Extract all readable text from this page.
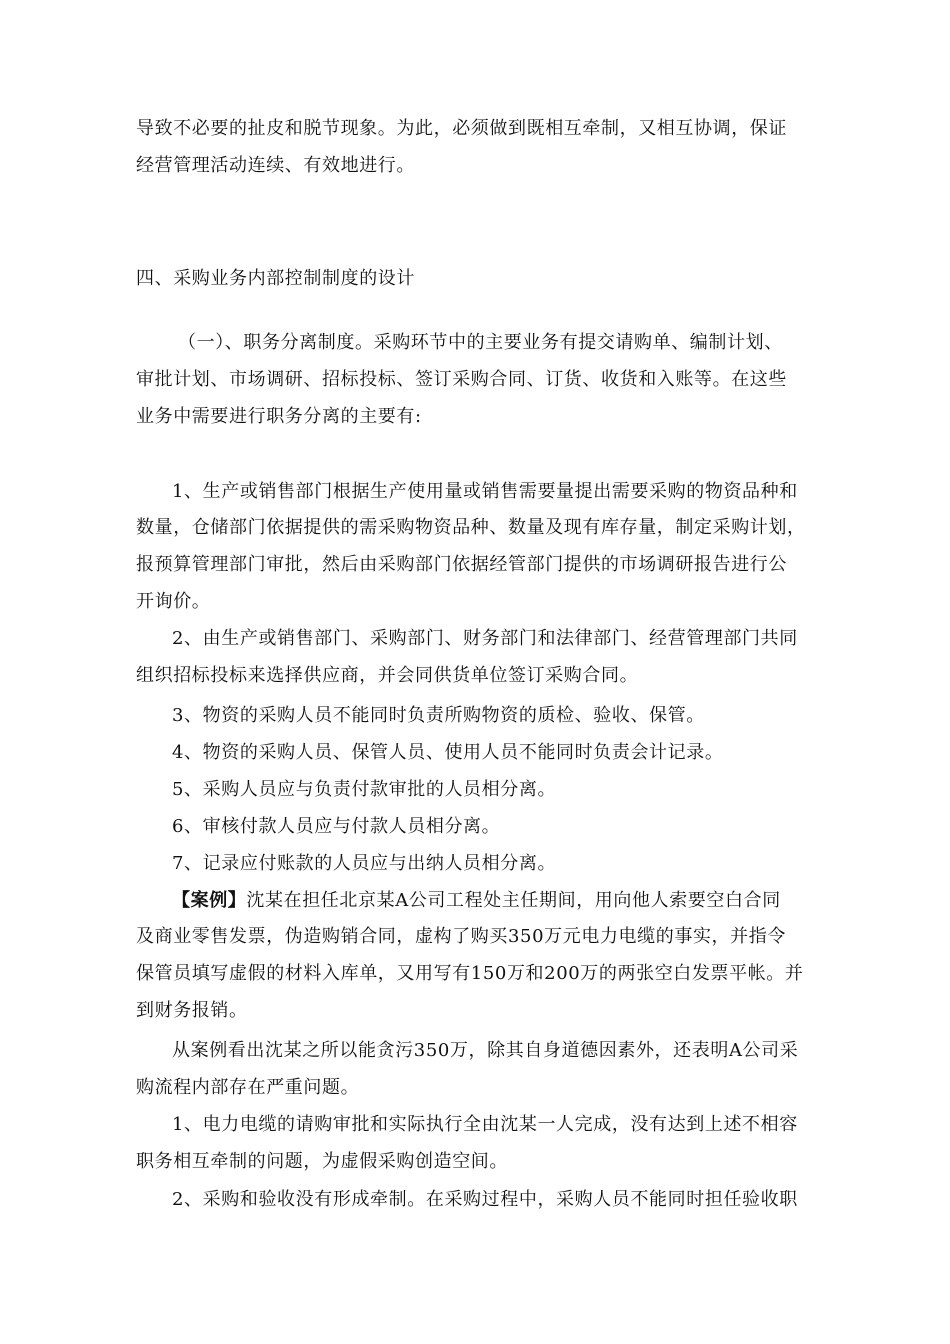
导致不必要的扯皮和脱节现象。为此，必须做到既相互牵制，又相互协调，保证
经营管理活动连续、有效地进行。
四、采购业务内部控制制度的设计
（一）、职务分离制度。采购环节中的主要业务有提交请购单、编制计划、
审批计划、市场调研、招标投标、签订采购合同、订货、收货和入账等。在这些
业务中需要进行职务分离的主要有:
1、生产或销售部门根据生产使用量或销售需要量提出需要采购的物资品种和
数量，仓储部门依据提供的需采购物资品种、数量及现有库存量，制定采购计划，
报预算管理部门审批，然后由采购部门依据经管部门提供的市场调研报告进行公
开询价。
2、由生产或销售部门、采购部门、财务部门和法律部门、经营管理部门共同
组织招标投标来选择供应商，并会同供货单位签订采购合同。
3、物资的采购人员不能同时负责所购物资的质检、验收、保管。
4、物资的采购人员、保管人员、使用人员不能同时负责会计记录。
5、采购人员应与负责付款审批的人员相分离。
6、审核付款人员应与付款人员相分离。
7、记录应付账款的人员应与出纳人员相分离。
【案例】沈某在担任北京某A公司工程处主任期间，用向他人索要空白合同
及商业零售发票，伪造购销合同，虚构了购买350万元电力电缆的事实，并指令
保管员填写虚假的材料入库单，又用写有150万和200万的两张空白发票平帐。并
到财务报销。
从案例看出沈某之所以能贪污350万，除其自身道德因素外，还表明A公司采
购流程内部存在严重问题。
1、电力电缆的请购审批和实际执行全由沈某一人完成，没有达到上述不相容
职务相互牵制的问题，为虚假采购创造空间。
2、采购和验收没有形成牵制。在采购过程中，采购人员不能同时担任验收职
